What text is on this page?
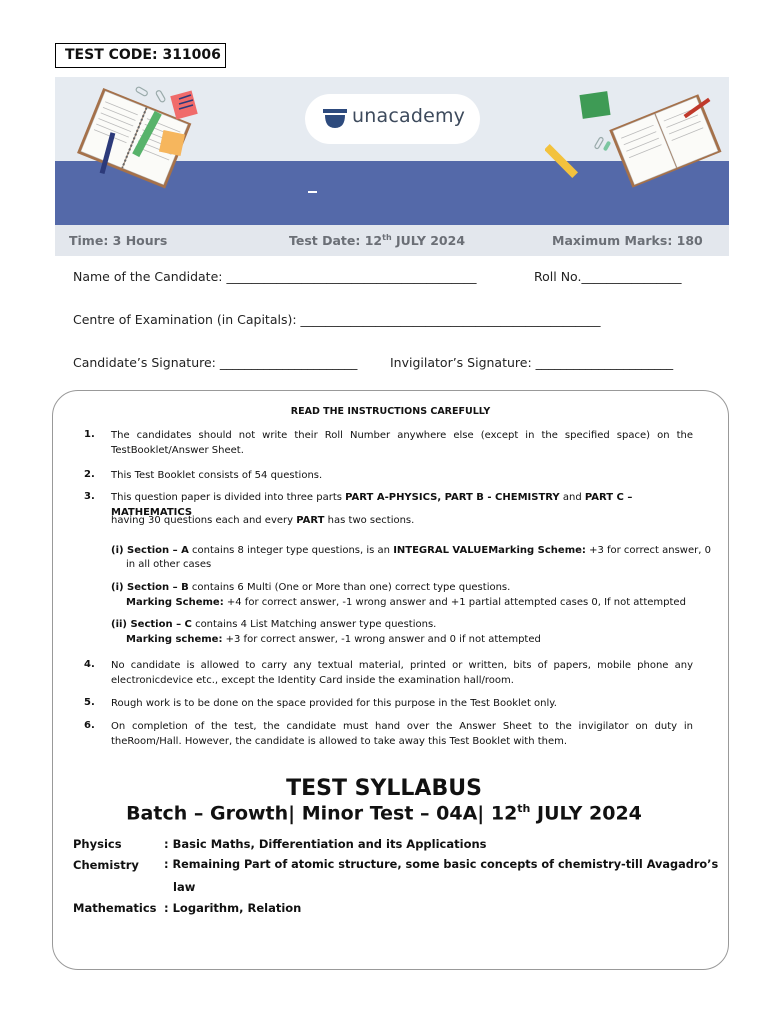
TEST CODE: 311006
unacademy
Time: 3 Hours	Test Date: 12th JULY 2024	Maximum Marks: 180
Name of the Candidate: ________________________________________	Roll No.________________
Centre of Examination (in Capitals): ________________________________________________
Candidate’s Signature: ______________________	Invigilator’s Signature: ______________________
READ THE INSTRUCTIONS CAREFULLY
1. The candidates should not write their Roll Number anywhere else (except in the specified space) on the TestBooklet/Answer Sheet.
2. This Test Booklet consists of 54 questions.
3. This question paper is divided into three parts PART A-PHYSICS, PART B - CHEMISTRY and PART C –MATHEMATICS
having 30 questions each and every PART has two sections.
(i) Section – A contains 8 integer type questions, is an INTEGRAL VALUEMarking Scheme: +3 for correct answer, 0
in all other cases
(i) Section – B contains 6 Multi (One or More than one) correct type questions.
Marking Scheme: +4 for correct answer, -1 wrong answer and +1 partial attempted cases 0, If not attempted
(ii) Section – C contains 4 List Matching answer type questions.
Marking scheme: +3 for correct answer, -1 wrong answer and 0 if not attempted
4. No candidate is allowed to carry any textual material, printed or written, bits of papers, mobile phone any electronicdevice etc., except the Identity Card inside the examination hall/room.
5. Rough work is to be done on the space provided for this purpose in the Test Booklet only.
6. On completion of the test, the candidate must hand over the Answer Sheet to the invigilator on duty in theRoom/Hall. However, the candidate is allowed to take away this Test Booklet with them.
TEST SYLLABUS
Batch – Growth| Minor Test – 04A| 12th JULY 2024
Physics	: Basic Maths, Differentiation and its Applications
Chemistry : Remaining Part of atomic structure, some basic concepts of chemistry-till Avagadro’s
law
Mathematics : Logarithm, Relation
